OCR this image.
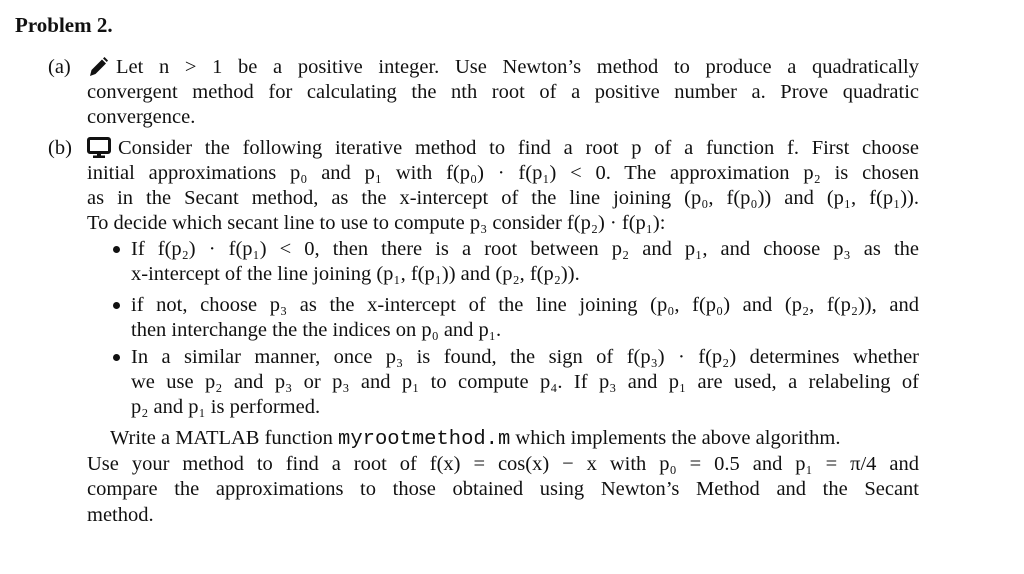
Problem 2.
(a) Let n > 1 be a positive integer. Use Newton’s method to produce a quadratically
convergent method for calculating the nth root of a positive number a. Prove quadratic
convergence.
(b) Consider the following iterative method to find a root p of a function f. First choose
initial approximations p₀ and p₁ with f(p₀) · f(p₁) < 0. The approximation p₂ is chosen
as in the Secant method, as the x-intercept of the line joining (p₀, f(p₀)) and (p₁, f(p₁)).
To decide which secant line to use to compute p₃ consider f(p₂) · f(p₁):
If f(p₂) · f(p₁) < 0, then there is a root between p₂ and p₁, and choose p₃ as the
x-intercept of the line joining (p₁, f(p₁)) and (p₂, f(p₂)).
if not, choose p₃ as the x-intercept of the line joining (p₀, f(p₀) and (p₂, f(p₂)), and
then interchange the the indices on p₀ and p₁.
In a similar manner, once p₃ is found, the sign of f(p₃) · f(p₂) determines whether
we use p₂ and p₃ or p₃ and p₁ to compute p₄. If p₃ and p₁ are used, a relabeling of
p₂ and p₁ is performed.
Write a MATLAB function myrootmethod.m which implements the above algorithm.
Use your method to find a root of f(x) = cos(x) − x with p₀ = 0.5 and p₁ = π/4 and
compare the approximations to those obtained using Newton’s Method and the Secant
method.
